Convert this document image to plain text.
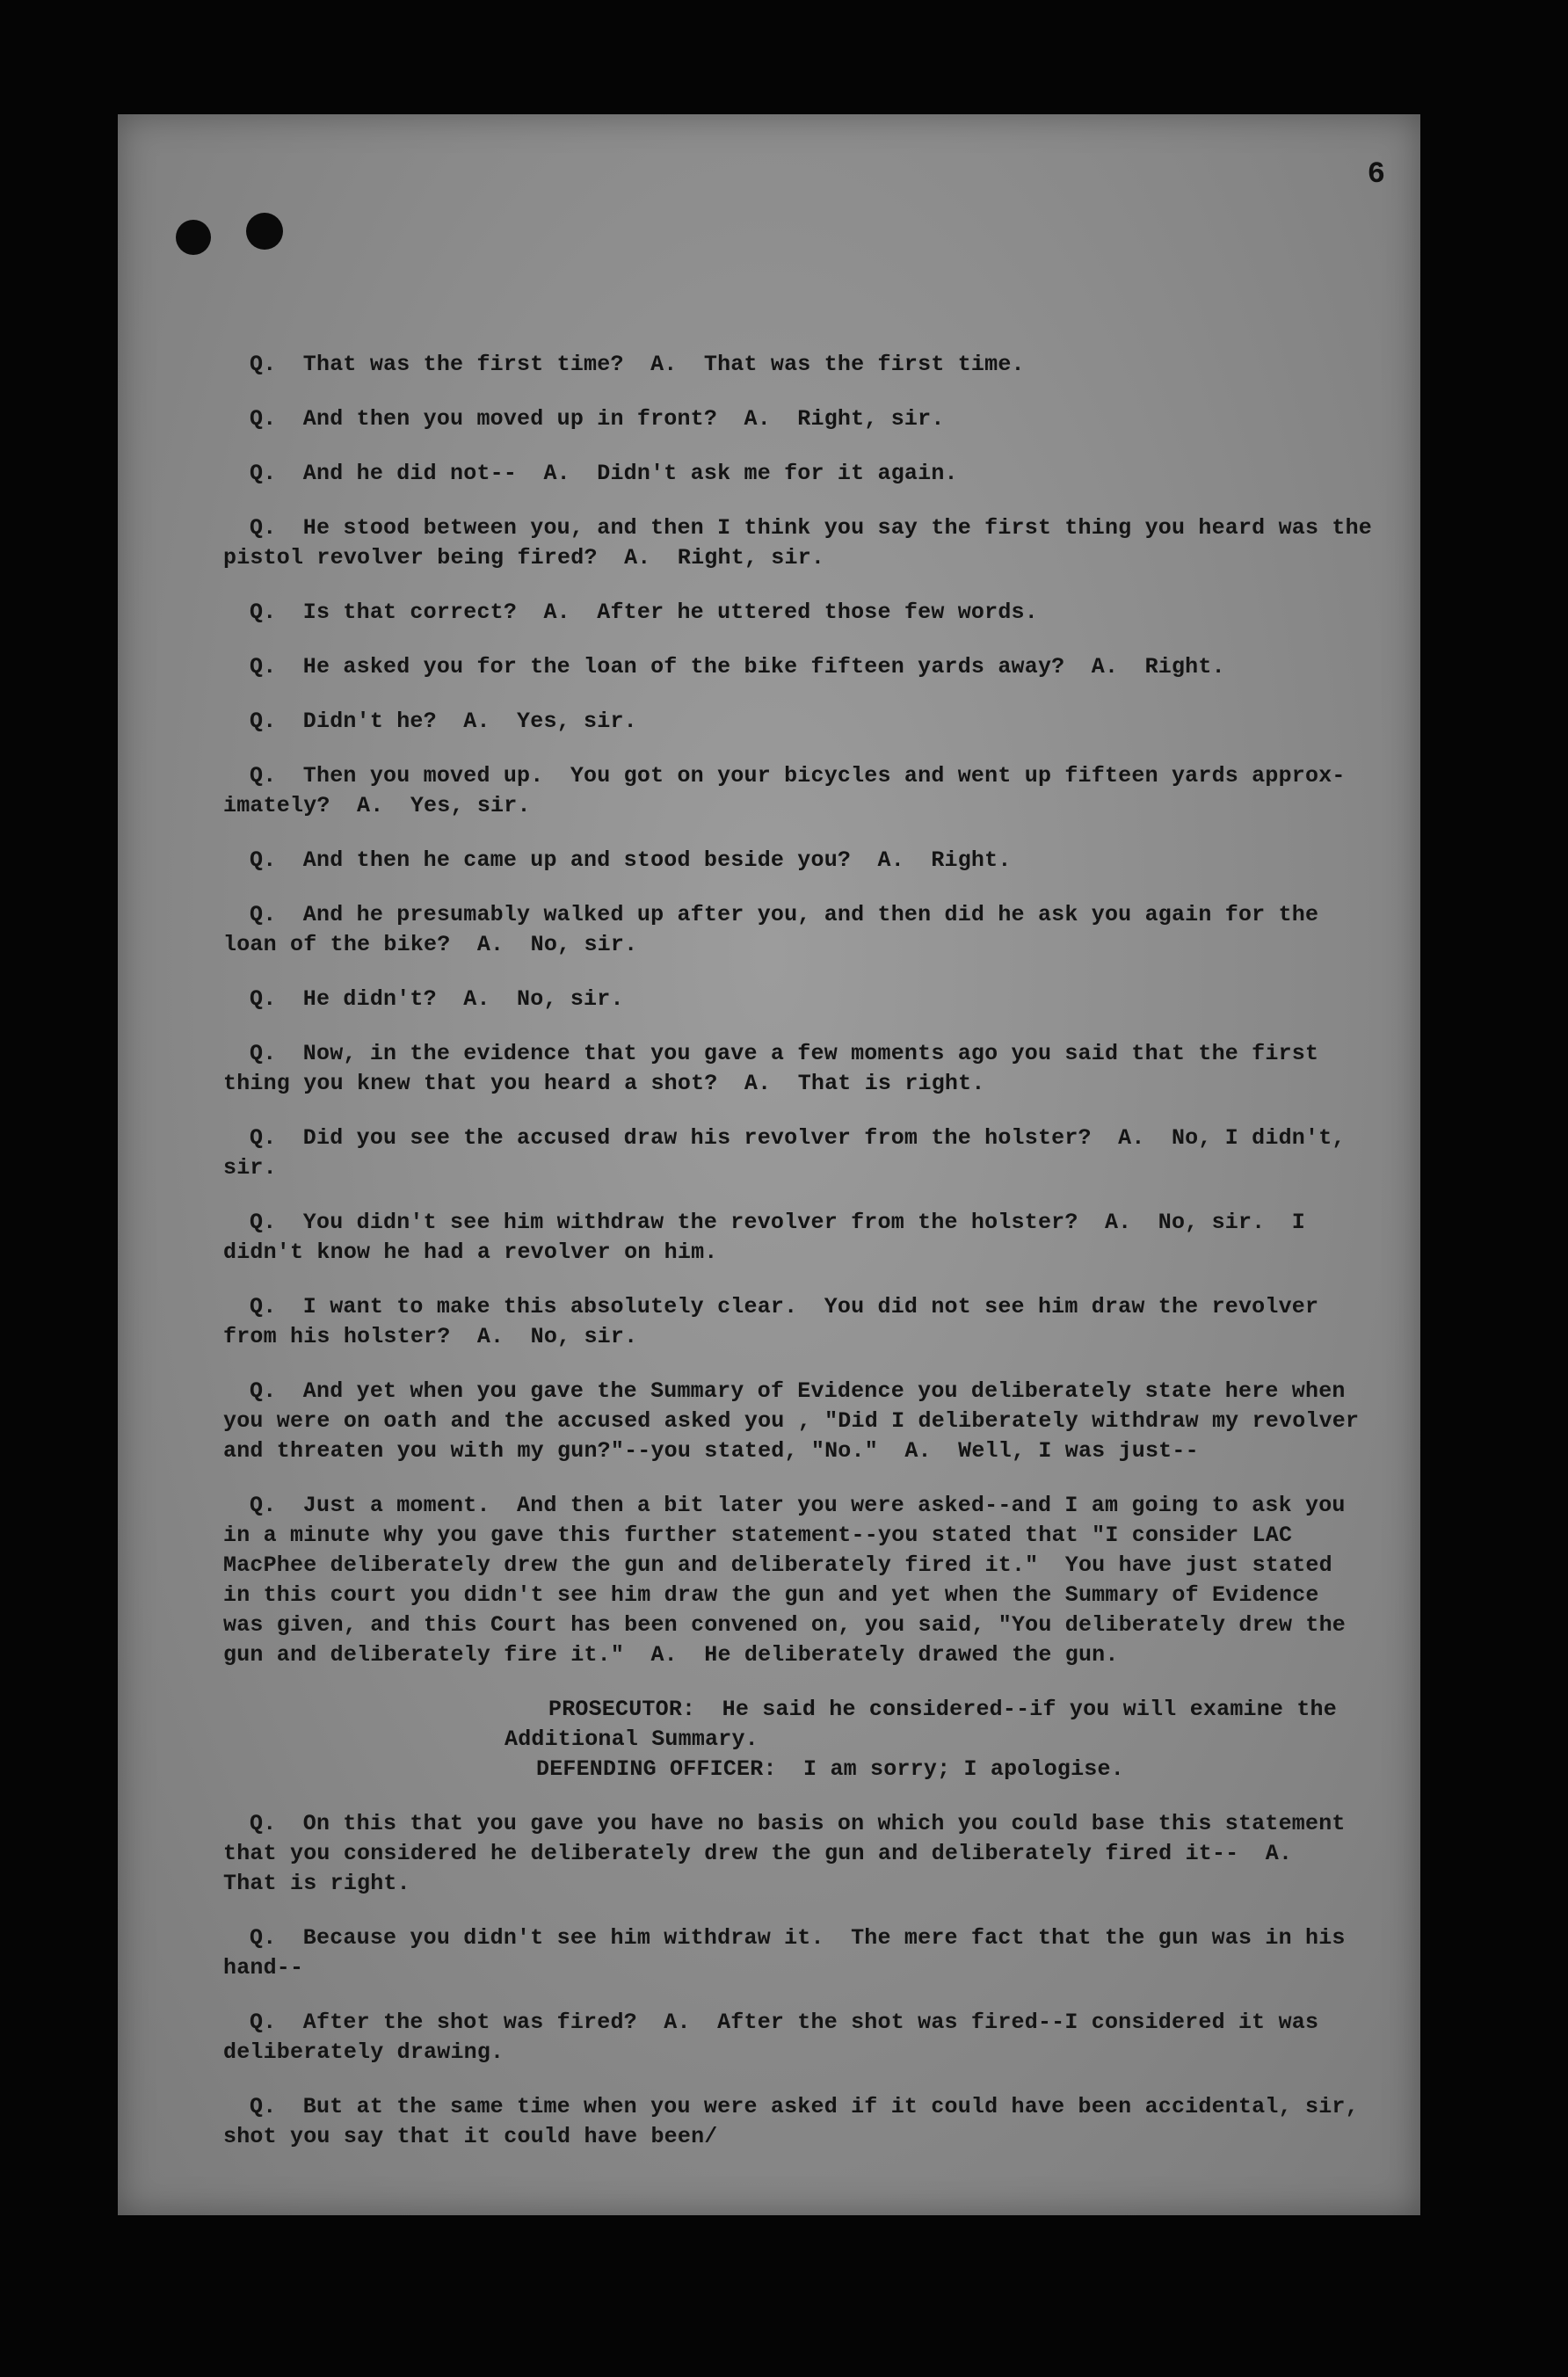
6
Q.  That was the first time?  A.  That was the first time.
Q.  And then you moved up in front?  A.  Right, sir.
Q.  And he did not--  A.  Didn't ask me for it again.
Q.  He stood between you, and then I think you say the first thing you heard was the
pistol revolver being fired?  A.  Right, sir.
Q.  Is that correct?  A.  After he uttered those few words.
Q.  He asked you for the loan of the bike fifteen yards away?  A.  Right.
Q.  Didn't he?  A.  Yes, sir.
Q.  Then you moved up.  You got on your bicycles and went up fifteen yards approx-
imately?  A.  Yes, sir.
Q.  And then he came up and stood beside you?  A.  Right.
Q.  And he presumably walked up after you, and then did he ask you again for the
loan of the bike?  A.  No, sir.
Q.  He didn't?  A.  No, sir.
Q.  Now, in the evidence that you gave a few moments ago you said that the first
thing you knew that you heard a shot?  A.  That is right.
Q.  Did you see the accused draw his revolver from the holster?  A.  No, I didn't,
sir.
Q.  You didn't see him withdraw the revolver from the holster?  A.  No, sir.  I
didn't know he had a revolver on him.
Q.  I want to make this absolutely clear.  You did not see him draw the revolver
from his holster?  A.  No, sir.
Q.  And yet when you gave the Summary of Evidence you deliberately state here when
you were on oath and the accused asked you , "Did I deliberately withdraw my revolver
and threaten you with my gun?"--you stated, "No."  A.  Well, I was just--
Q.  Just a moment.  And then a bit later you were asked--and I am going to ask you
in a minute why you gave this further statement--you stated that "I consider LAC
MacPhee deliberately drew the gun and deliberately fired it."  You have just stated
in this court you didn't see him draw the gun and yet when the Summary of Evidence
was given, and this Court has been convened on, you said, "You deliberately drew the
gun and deliberately fire it."  A.  He deliberately drawed the gun.
PROSECUTOR:  He said he considered--if you will examine the
Additional Summary.
DEFENDING OFFICER:  I am sorry; I apologise.
Q.  On this that you gave you have no basis on which you could base this statement
that you considered he deliberately drew the gun and deliberately fired it--  A.
That is right.
Q.  Because you didn't see him withdraw it.  The mere fact that the gun was in his
hand--
Q.  After the shot was fired?  A.  After the shot was fired--I considered it was
deliberately drawing.
Q.  But at the same time when you were asked if it could have been accidental, sir,
shot you say that it could have been/
